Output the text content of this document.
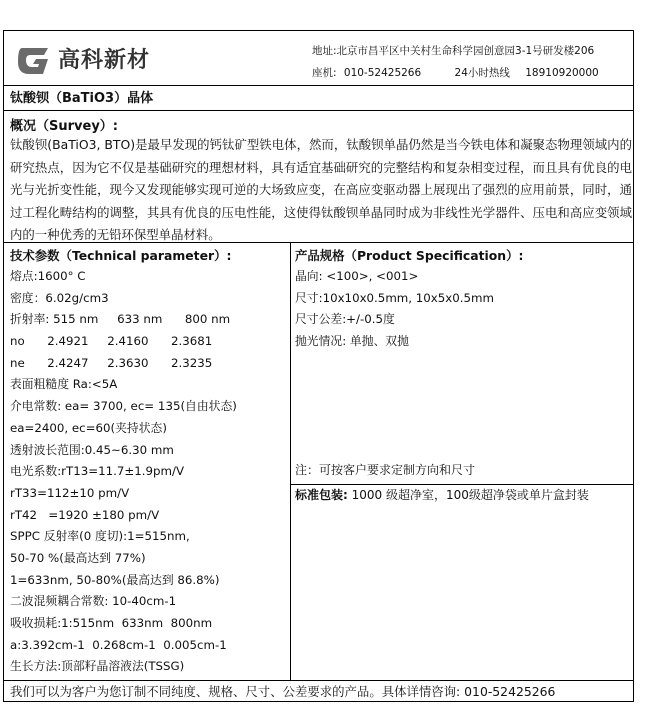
高科新材	地址:北京市昌平区中关村生命科学园创意园3-1号研发楼206
座机: 010-52425266	24小时热线 18910920000
钛酸钡（BaTiO3）晶体
概况（Survey）:
钛酸钡(BaTiO3, BTO)是最早发现的钙钛矿型铁电体，然而，钛酸钡单晶仍然是当今铁电体和凝聚态物理领域内的研究热点，因为它不仅是基础研究的理想材料，具有适宜基础研究的完整结构和复杂相变过程，而且具有优良的电光与光折变性能，现今又发现能够实现可逆的大场致应变，在高应变驱动器上展现出了强烈的应用前景，同时，通过工程化畴结构的调整，其具有优良的压电性能，这使得钛酸钡单晶同时成为非线性光学器件、压电和高应变领域内的一种优秀的无铅环保型单晶材料。
技术参数（Technical parameter）:
熔点:1600° C
密度：6.02g/cm3
折射率: 515 nm     633 nm      800 nm
no      2.4921     2.4160      2.3681
ne      2.4247     2.3630      2.3235
表面粗糙度 Ra:<5A
介电常数: ea= 3700, ec= 135(自由状态)
ea=2400, ec=60(夹持状态)
透射波长范围:0.45~6.30 mm
电光系数:rT13=11.7±1.9pm/V
rT33=112±10 pm/V
rT42   =1920 ±180 pm/V
SPPC 反射率(0 度切):1=515nm,
50-70 %(最高达到 77%)
1=633nm, 50-80%(最高达到 86.8%)
二波混频耦合常数: 10-40cm-1
吸收损耗:1:515nm  633nm  800nm
a:3.392cm-1  0.268cm-1  0.005cm-1
生长方法:顶部籽晶溶液法(TSSG)
产品规格（Product Specification）:
晶向: <100>, <001>
尺寸:10x10x0.5mm, 10x5x0.5mm
尺寸公差:+/-0.5度
抛光情况: 单抛、双抛
注：可按客户要求定制方向和尺寸
标准包装: 1000 级超净室，100级超净袋或单片盒封装
我们可以为客户为您订制不同纯度、规格、尺寸、公差要求的产品。具体详情咨询: 010-52425266
